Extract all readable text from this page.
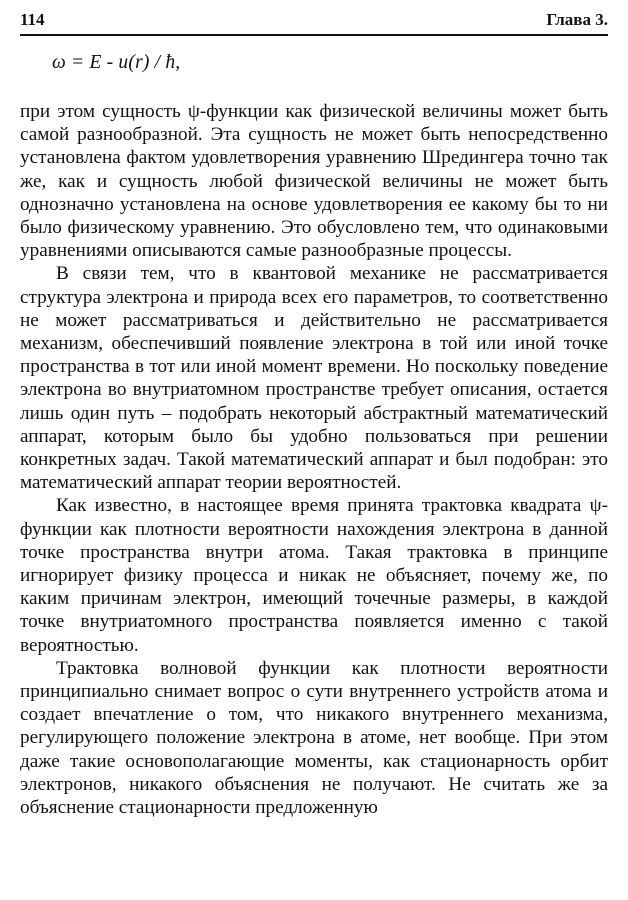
114	Глава 3.
ω = E - u(r) / ħ,

при этом сущность ψ-функции как физической величины может быть самой разнообразной. Эта сущность не может быть непосредственно установлена фактом удовлетворения уравнению Шредингера точно так же, как и сущность любой физической величины не может быть однозначно установлена на основе удовлетворения ее какому бы то ни было физическому уравнению. Это обусловлено тем, что одинаковыми уравнениями описываются самые разнообразные процессы.

В связи тем, что в квантовой механике не рассматривается структура электрона и природа всех его параметров, то соответственно не может рассматриваться и действительно не рассматривается механизм, обеспечивший появление электрона в той или иной точке пространства в тот или иной момент времени. Но поскольку поведение электрона во внутриатомном пространстве требует описания, остается лишь один путь – подобрать некоторый абстрактный математический аппарат, которым было бы удобно пользоваться при решении конкретных задач. Такой математический аппарат и был подобран: это математический аппарат теории вероятностей.

Как известно, в настоящее время принята трактовка квадрата ψ-функции как плотности вероятности нахождения электрона в данной точке пространства внутри атома. Такая трактовка в принципе игнорирует физику процесса и никак не объясняет, почему же, по каким причинам электрон, имеющий точечные размеры, в каждой точке внутриатомного пространства появляется именно с такой вероятностью.

Трактовка волновой функции как плотности вероятности принципиально снимает вопрос о сути внутреннего устройств атома и создает впечатление о том, что никакого внутреннего механизма, регулирующего положение электрона в атоме, нет вообще. При этом даже такие основополагающие моменты, как стационарность орбит электронов, никакого объяснения не получают. Не считать же за объяснение стационарности предложенную
